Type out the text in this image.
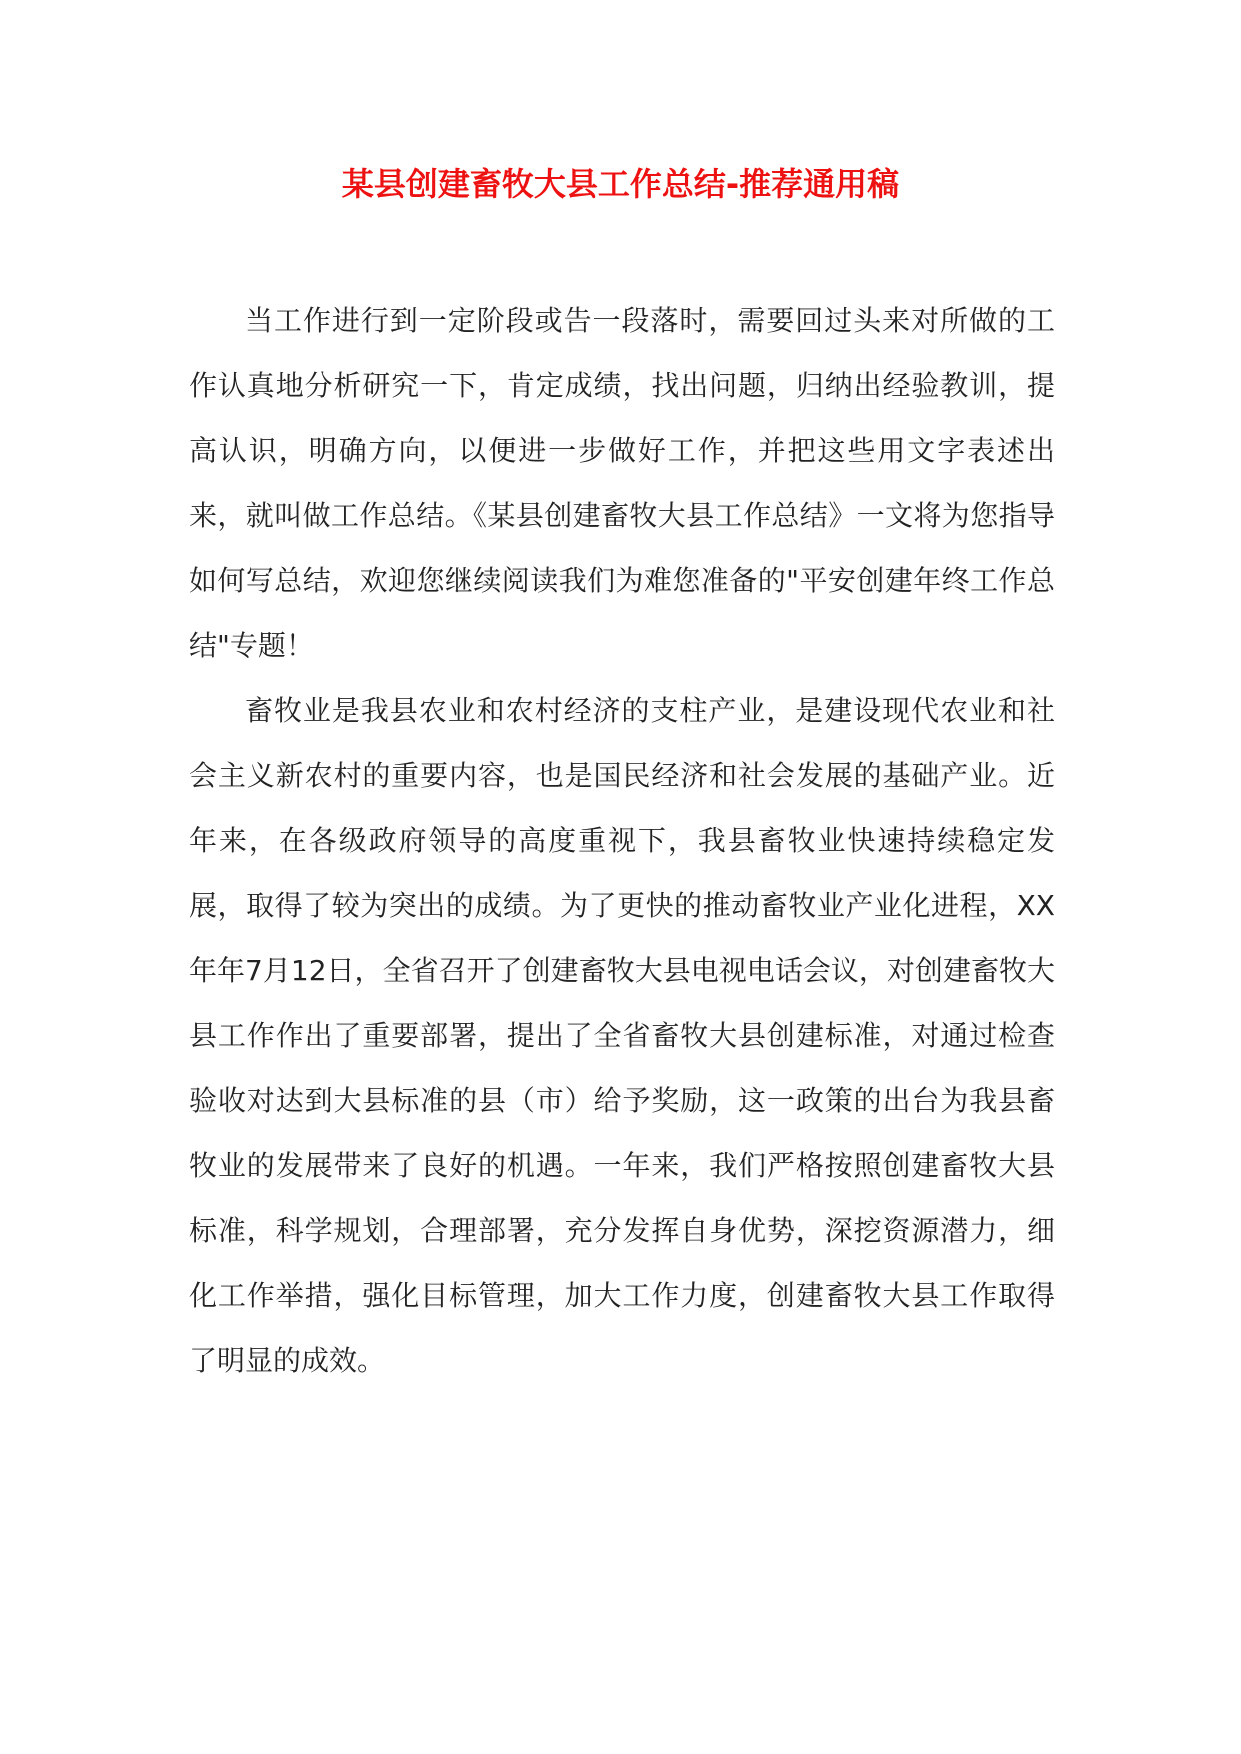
某县创建畜牧大县工作总结-推荐通用稿

当工作进行到一定阶段或告一段落时，需要回过头来对所做的工作认真地分析研究一下，肯定成绩，找出问题，归纳出经验教训，提高认识，明确方向，以便进一步做好工作，并把这些用文字表述出来，就叫做工作总结。《某县创建畜牧大县工作总结》一文将为您指导如何写总结，欢迎您继续阅读我们为难您准备的"平安创建年终工作总结"专题！

畜牧业是我县农业和农村经济的支柱产业，是建设现代农业和社会主义新农村的重要内容，也是国民经济和社会发展的基础产业。近年来，在各级政府领导的高度重视下，我县畜牧业快速持续稳定发展，取得了较为突出的成绩。为了更快的推动畜牧业产业化进程，XX年年7月12日，全省召开了创建畜牧大县电视电话会议，对创建畜牧大县工作作出了重要部署，提出了全省畜牧大县创建标准，对通过检查验收对达到大县标准的县（市）给予奖励，这一政策的出台为我县畜牧业的发展带来了良好的机遇。一年来，我们严格按照创建畜牧大县标准，科学规划，合理部署，充分发挥自身优势，深挖资源潜力，细化工作举措，强化目标管理，加大工作力度，创建畜牧大县工作取得了明显的成效。
